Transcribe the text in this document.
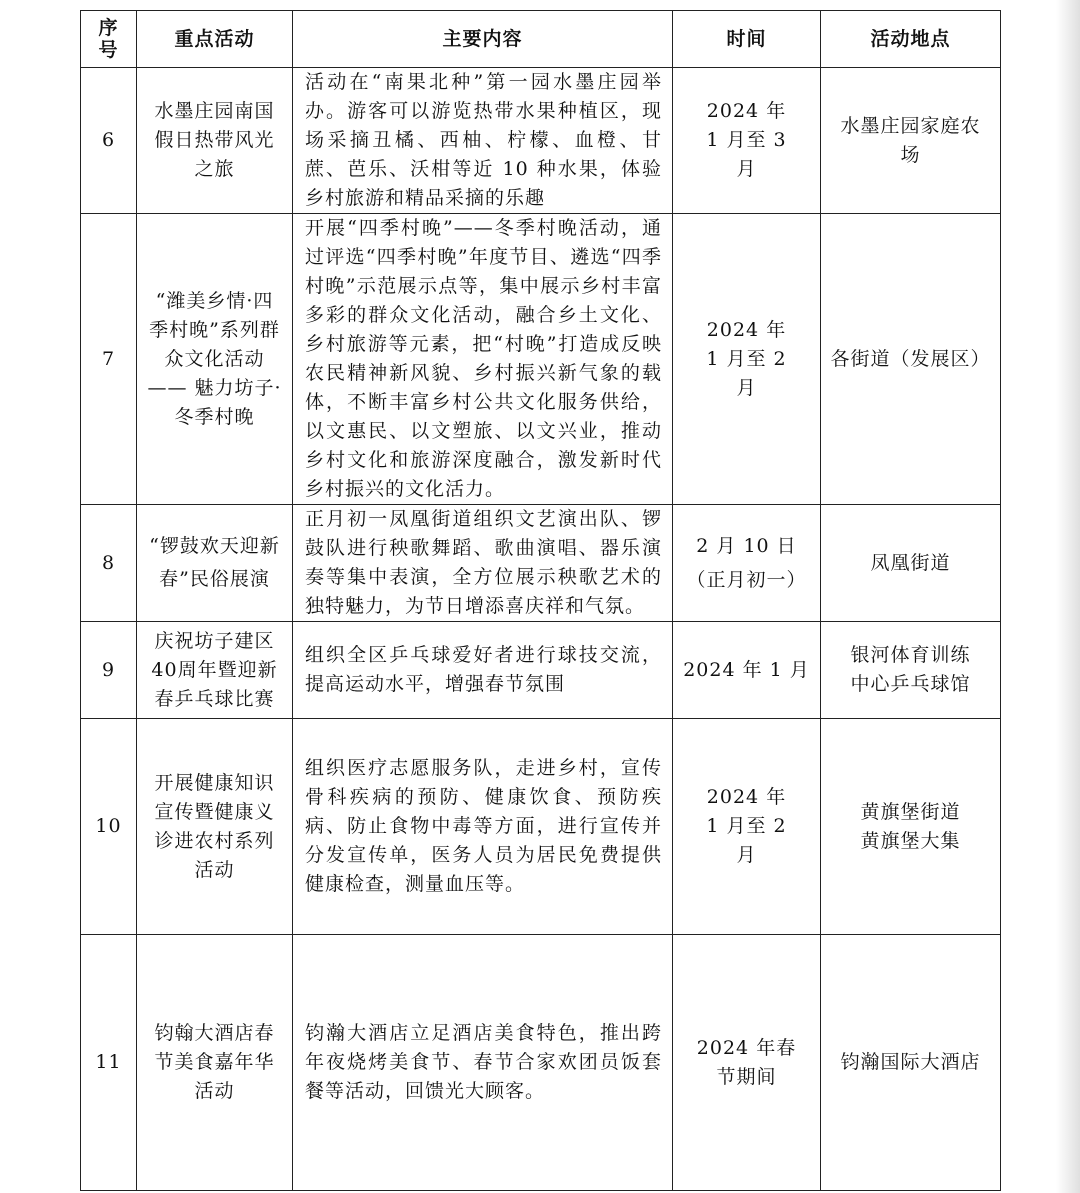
序号	重点活动	主要内容	时间	活动地点
6	水墨庄园南国假日热带风光之旅	活动在“南果北种”第一园水墨庄园举办。游客可以游览热带水果种植区，现场采摘丑橘、西柚、柠檬、血橙、甘蔗、芭乐、沃柑等近 10 种水果，体验乡村旅游和精品采摘的乐趣	2024 年 1 月至 3 月	水墨庄园家庭农场
7	“潍美乡情·四季村晚”系列群众文化活动—— 魅力坊子·冬季村晚	开展“四季村晚”——冬季村晚活动，通过评选“四季村晚”年度节目、遴选“四季村晚”示范展示点等，集中展示乡村丰富多彩的群众文化活动，融合乡土文化、乡村旅游等元素，把“村晚”打造成反映农民精神新风貌、乡村振兴新气象的载体，不断丰富乡村公共文化服务供给，以文惠民、以文塑旅、以文兴业，推动乡村文化和旅游深度融合，激发新时代乡村振兴的文化活力。	2024 年 1 月至 2 月	各街道（发展区）
8	“锣鼓欢天迎新春”民俗展演	正月初一凤凰街道组织文艺演出队、锣鼓队进行秧歌舞蹈、歌曲演唱、器乐演奏等集中表演，全方位展示秧歌艺术的独特魅力，为节日增添喜庆祥和气氛。	2 月 10 日（正月初一）	凤凰街道
9	庆祝坊子建区40周年暨迎新春乒乓球比赛	组织全区乒乓球爱好者进行球技交流，提高运动水平，增强春节氛围	2024 年 1 月	银河体育训练中心乒乓球馆
10	开展健康知识宣传暨健康义诊进农村系列活动	组织医疗志愿服务队，走进乡村，宣传骨科疾病的预防、健康饮食、预防疾病、防止食物中毒等方面，进行宣传并分发宣传单，医务人员为居民免费提供健康检查，测量血压等。	2024 年 1 月至 2 月	黄旗堡街道 黄旗堡大集
11	钧翰大酒店春节美食嘉年华活动	钧瀚大酒店立足酒店美食特色，推出跨年夜烧烤美食节、春节合家欢团员饭套餐等活动，回馈光大顾客。	2024 年春节期间	钧瀚国际大酒店
